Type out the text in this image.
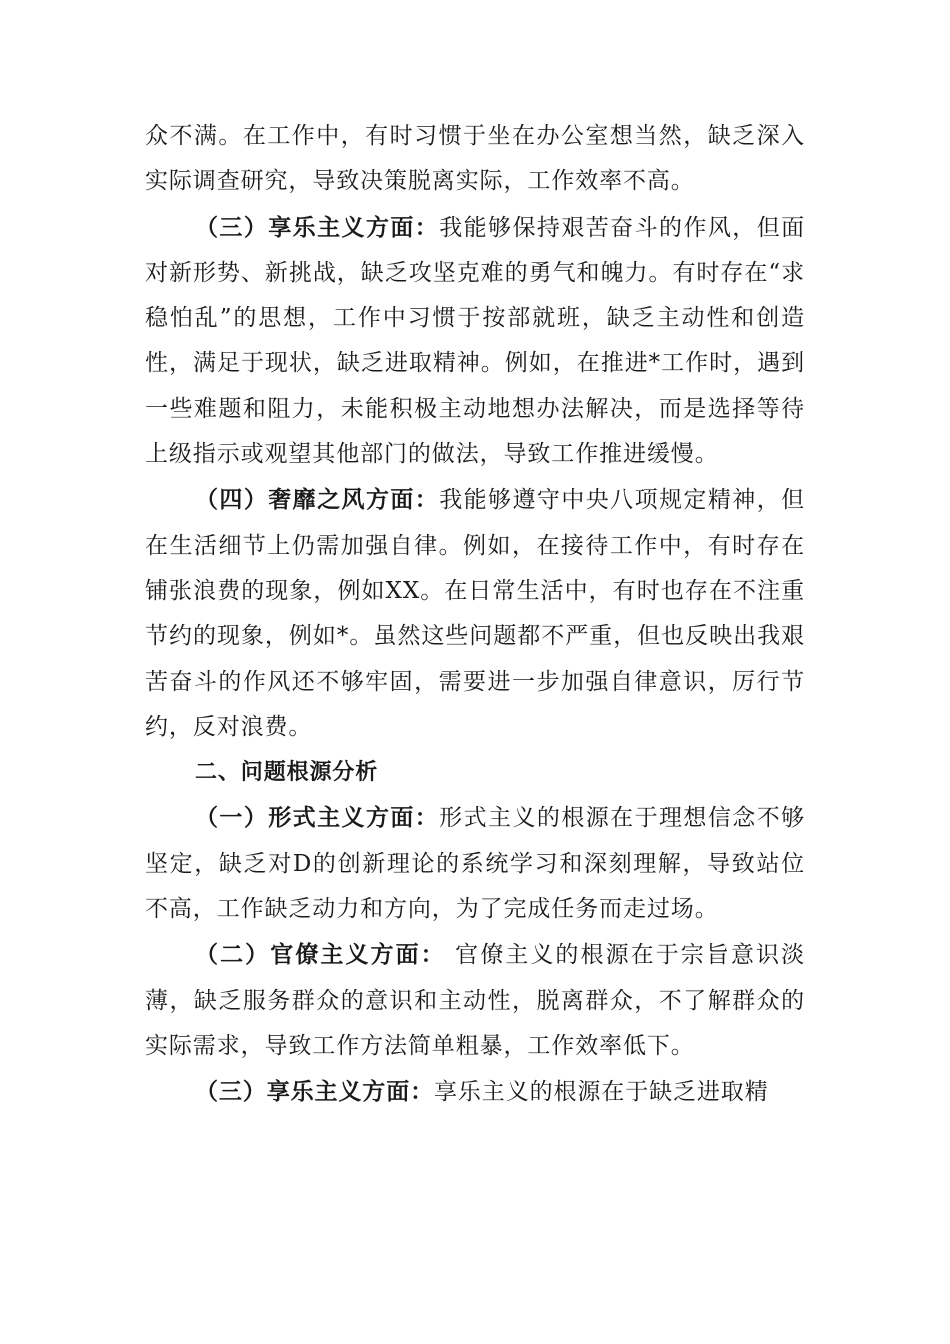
众不满。在工作中，有时习惯于坐在办公室想当然，缺乏深入实际调查研究，导致决策脱离实际，工作效率不高。

（三）享乐主义方面：我能够保持艰苦奋斗的作风，但面对新形势、新挑战，缺乏攻坚克难的勇气和魄力。有时存在“求稳怕乱”的思想，工作中习惯于按部就班，缺乏主动性和创造性，满足于现状，缺乏进取精神。例如，在推进*工作时，遇到一些难题和阻力，未能积极主动地想办法解决，而是选择等待上级指示或观望其他部门的做法，导致工作推进缓慢。

（四）奢靡之风方面：我能够遵守中央八项规定精神，但在生活细节上仍需加强自律。例如，在接待工作中，有时存在铺张浪费的现象，例如XX。在日常生活中，有时也存在不注重节约的现象，例如*。虽然这些问题都不严重，但也反映出我艰苦奋斗的作风还不够牢固，需要进一步加强自律意识，厉行节约，反对浪费。

二、问题根源分析

（一）形式主义方面：形式主义的根源在于理想信念不够坚定，缺乏对D的创新理论的系统学习和深刻理解，导致站位不高，工作缺乏动力和方向，为了完成任务而走过场。

（二）官僚主义方面： 官僚主义的根源在于宗旨意识淡薄，缺乏服务群众的意识和主动性，脱离群众，不了解群众的实际需求，导致工作方法简单粗暴，工作效率低下。

（三）享乐主义方面：享乐主义的根源在于缺乏进取精
